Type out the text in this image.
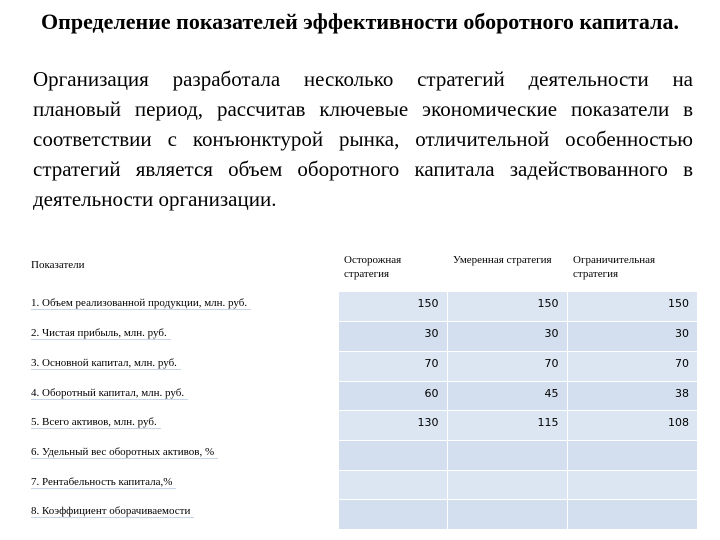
Определение показателей эффективности оборотного капитала.

Организация разработала несколько стратегий деятельности на плановый период, рассчитав ключевые экономические показатели в соответствии с конъюнктурой рынка, отличительной особенностью стратегий является объем оборотного капитала задействованного в деятельности организации.

Показатели	Осторожная стратегия	Умеренная стратегия	Ограничительная стратегия
1. Объем реализованной продукции, млн. руб.	150	150	150
2. Чистая прибыль, млн. руб.	30	30	30
3. Основной капитал, млн. руб.	70	70	70
4. Оборотный капитал, млн. руб.	60	45	38
5. Всего активов, млн. руб.	130	115	108
6. Удельный вес оборотных активов, %			
7. Рентабельность капитала,%			
8. Коэффициент оборачиваемости			
